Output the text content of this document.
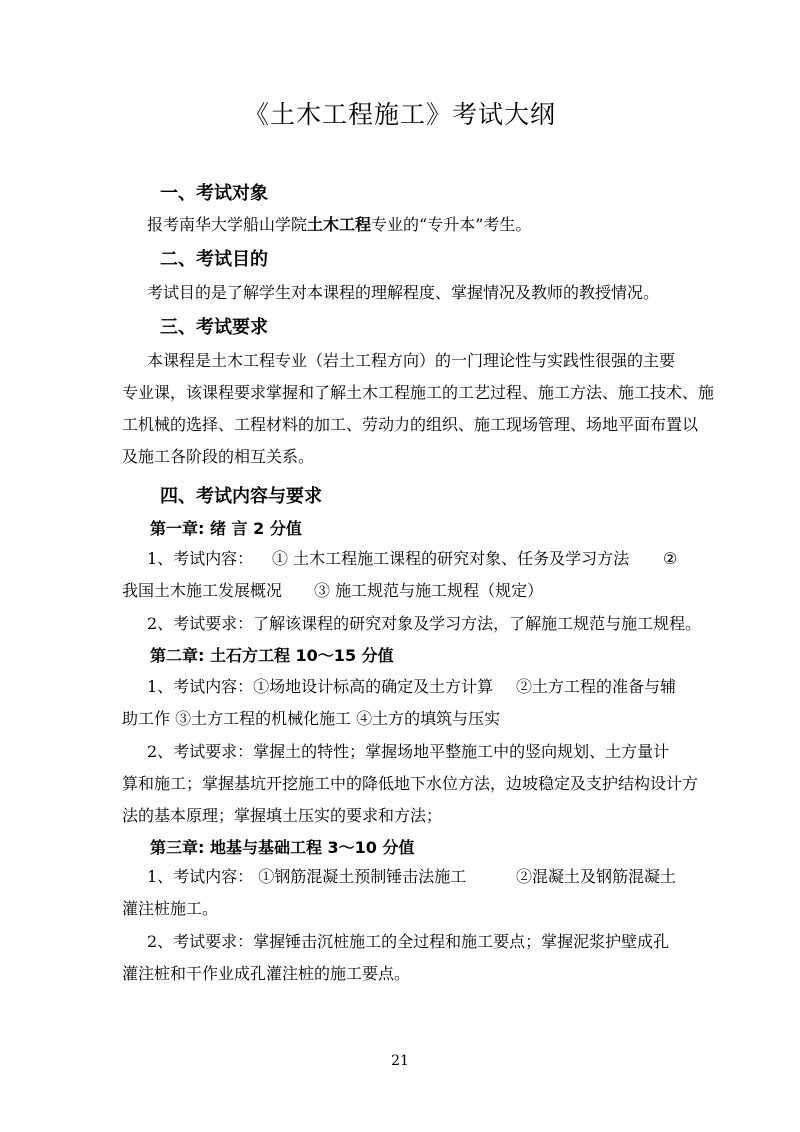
《土木工程施工》考试大纲
一、考试对象
报考南华大学船山学院土木工程专业的“专升本”考生。
二、考试目的
考试目的是了解学生对本课程的理解程度、掌握情况及教师的教授情况。
三、考试要求
本课程是土木工程专业（岩土工程方向）的一门理论性与实践性很强的主要
专业课，该课程要求掌握和了解土木工程施工的工艺过程、施工方法、施工技术、施
工机械的选择、工程材料的加工、劳动力的组织、施工现场管理、场地平面布置以
及施工各阶段的相互关系。
四、考试内容与要求
第一章: 绪 言 2 分值
1、考试内容： ① 土木工程施工课程的研究对象、任务及学习方法 ②
我国土木施工发展概况 ③ 施工规范与施工规程（规定）
2、考试要求：了解该课程的研究对象及学习方法，了解施工规范与施工规程。
第二章: 土石方工程 10～15 分值
1、考试内容：①场地设计标高的确定及土方计算 ②土方工程的准备与辅
助工作 ③土方工程的机械化施工 ④土方的填筑与压实
2、考试要求：掌握土的特性；掌握场地平整施工中的竖向规划、土方量计
算和施工；掌握基坑开挖施工中的降低地下水位方法，边坡稳定及支护结构设计方
法的基本原理；掌握填土压实的要求和方法；
第三章: 地基与基础工程 3～10 分值
1、考试内容： ①钢筋混凝土预制锤击法施工	②混凝土及钢筋混凝土
灌注桩施工。
2、考试要求：掌握锤击沉桩施工的全过程和施工要点；掌握泥浆护壁成孔
灌注桩和干作业成孔灌注桩的施工要点。
21
